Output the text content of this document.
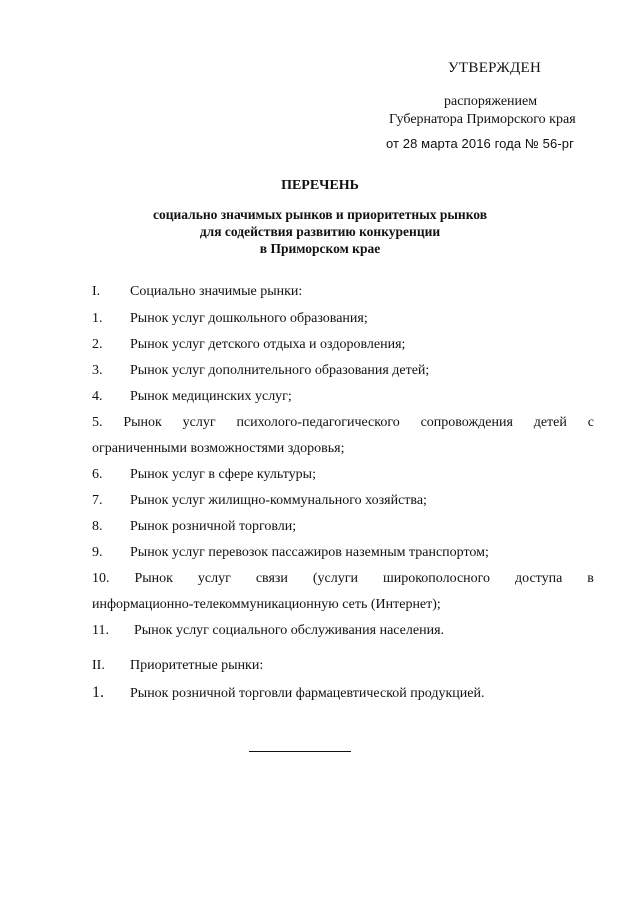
УТВЕРЖДЕН
распоряжением
Губернатора Приморского края
от 28 марта 2016 года № 56-рг
ПЕРЕЧЕНЬ
социально значимых рынков и приоритетных рынков
для содействия развитию конкуренции
в Приморском крае
I. Социально значимые рынки:
1. Рынок услуг дошкольного образования;
2. Рынок услуг детского отдыха и оздоровления;
3. Рынок услуг дополнительного образования детей;
4. Рынок медицинских услуг;
5. Рынок услуг психолого-педагогического сопровождения детей с
ограниченными возможностями здоровья;
6. Рынок услуг в сфере культуры;
7. Рынок услуг жилищно-коммунального хозяйства;
8. Рынок розничной торговли;
9. Рынок услуг перевозок пассажиров наземным транспортом;
10. Рынок услуг связи (услуги широкополосного доступа в
информационно-телекоммуникационную сеть (Интернет);
11. Рынок услуг социального обслуживания населения.
II. Приоритетные рынки:
1. Рынок розничной торговли фармацевтической продукцией.
